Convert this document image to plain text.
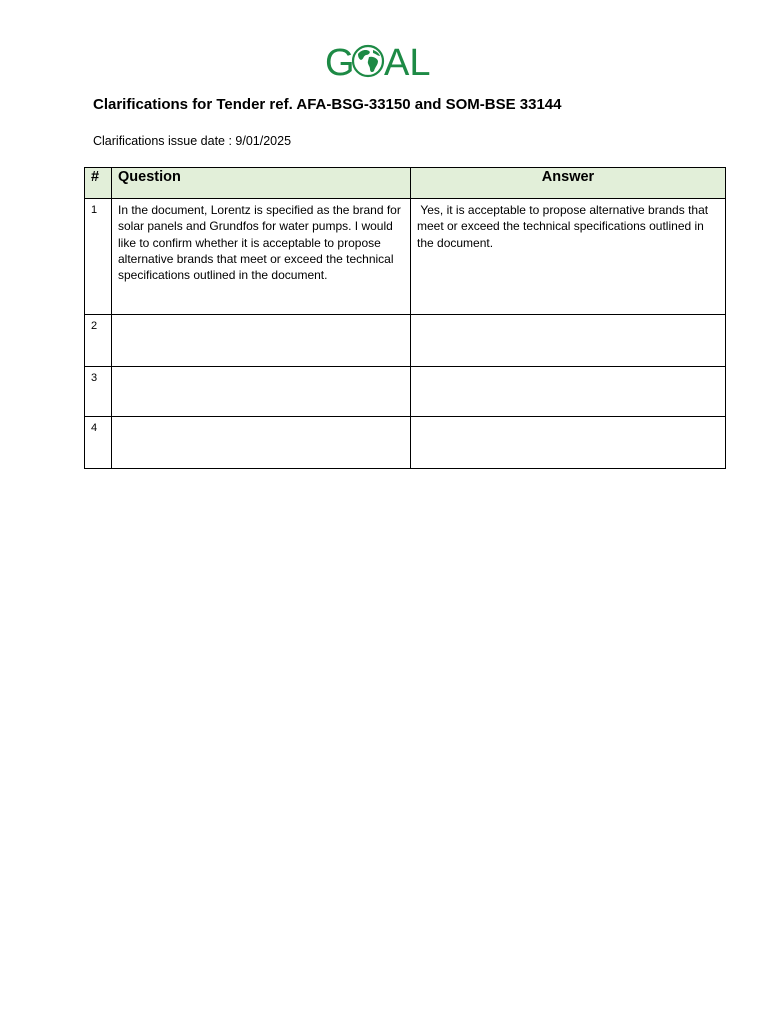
G AL
Clarifications for Tender ref. AFA-BSG-33150 and SOM-BSE 33144
Clarifications issue date : 9/01/2025
#	Question	Answer
1	In the document, Lorentz is specified as the brand for solar panels and Grundfos for water pumps. I would like to confirm whether it is acceptable to propose alternative brands that meet or exceed the technical specifications outlined in the document.	Yes, it is acceptable to propose alternative brands that meet or exceed the technical specifications outlined in the document.
2		
3		
4		
